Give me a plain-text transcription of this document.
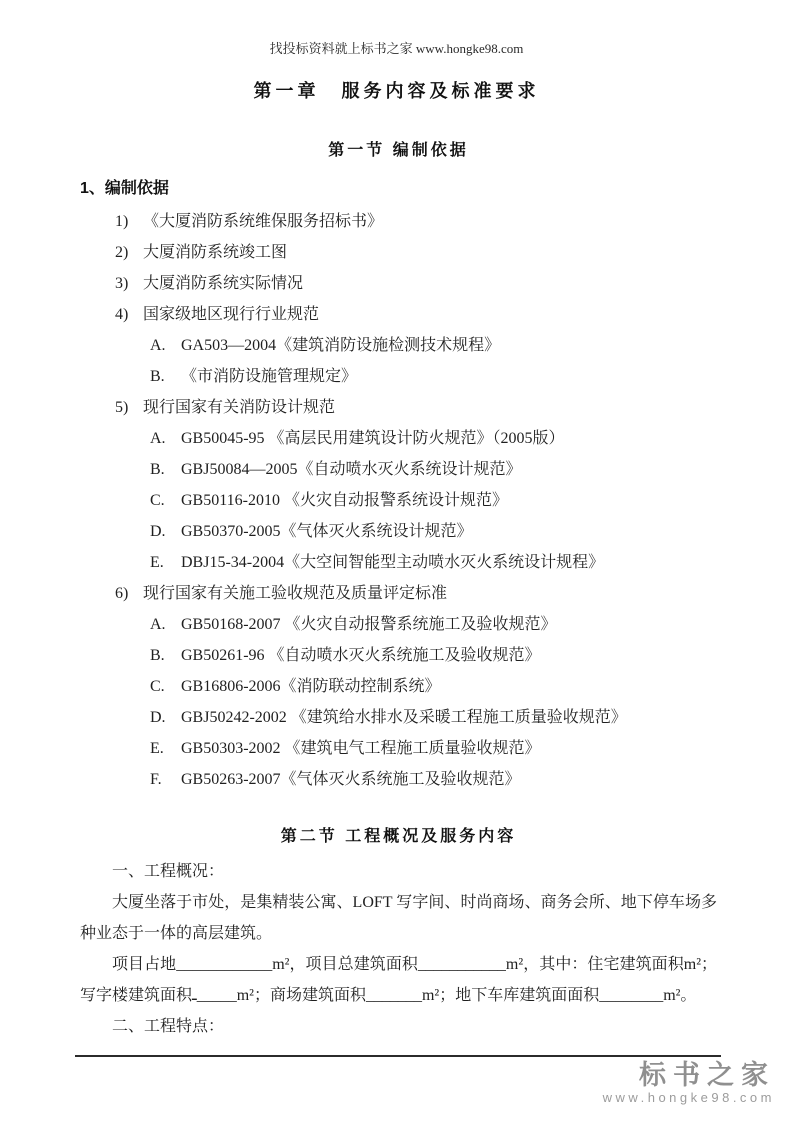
找投标资料就上标书之家 www.hongke98.com
第一章　服务内容及标准要求
第一节 编制依据
1、编制依据
1) 《大厦消防系统维保服务招标书》
2) 大厦消防系统竣工图
3) 大厦消防系统实际情况
4) 国家级地区现行行业规范
A. GA503—2004《建筑消防设施检测技术规程》
B.	《市消防设施管理规定》
5) 现行国家有关消防设计规范
A. GB50045-95 《高层民用建筑设计防火规范》（2005版）
B.	GBJ50084—2005《自动喷水灭火系统设计规范》
C.	GB50116-2010 《火灾自动报警系统设计规范》
D. GB50370-2005《气体灭火系统设计规范》
E.	DBJ15-34-2004《大空间智能型主动喷水灭火系统设计规程》
6) 现行国家有关施工验收规范及质量评定标准
A. GB50168-2007 《火灾自动报警系统施工及验收规范》
B.	GB50261-96 《自动喷水灭火系统施工及验收规范》
C.	GB16806-2006《消防联动控制系统》
D. GBJ50242-2002 《建筑给水排水及采暖工程施工质量验收规范》
E.	GB50303-2002 《建筑电气工程施工质量验收规范》
F.	GB50263-2007《气体灭火系统施工及验收规范》
第二节 工程概况及服务内容

一、工程概况：

大厦坐落于市处，是集精装公寓、LOFT 写字间、时尚商场、商务会所、地下停车场多种业态于一体的高层建筑。

项目占地____________m²，项目总建筑面积___________m²，其中：住宅建筑面积m²；写字楼建筑面积ـ_____m²；商场建筑面积_______m²；地下车库建筑面面积________m²。

二、工程特点：

标书之家
www.hongke98.com
